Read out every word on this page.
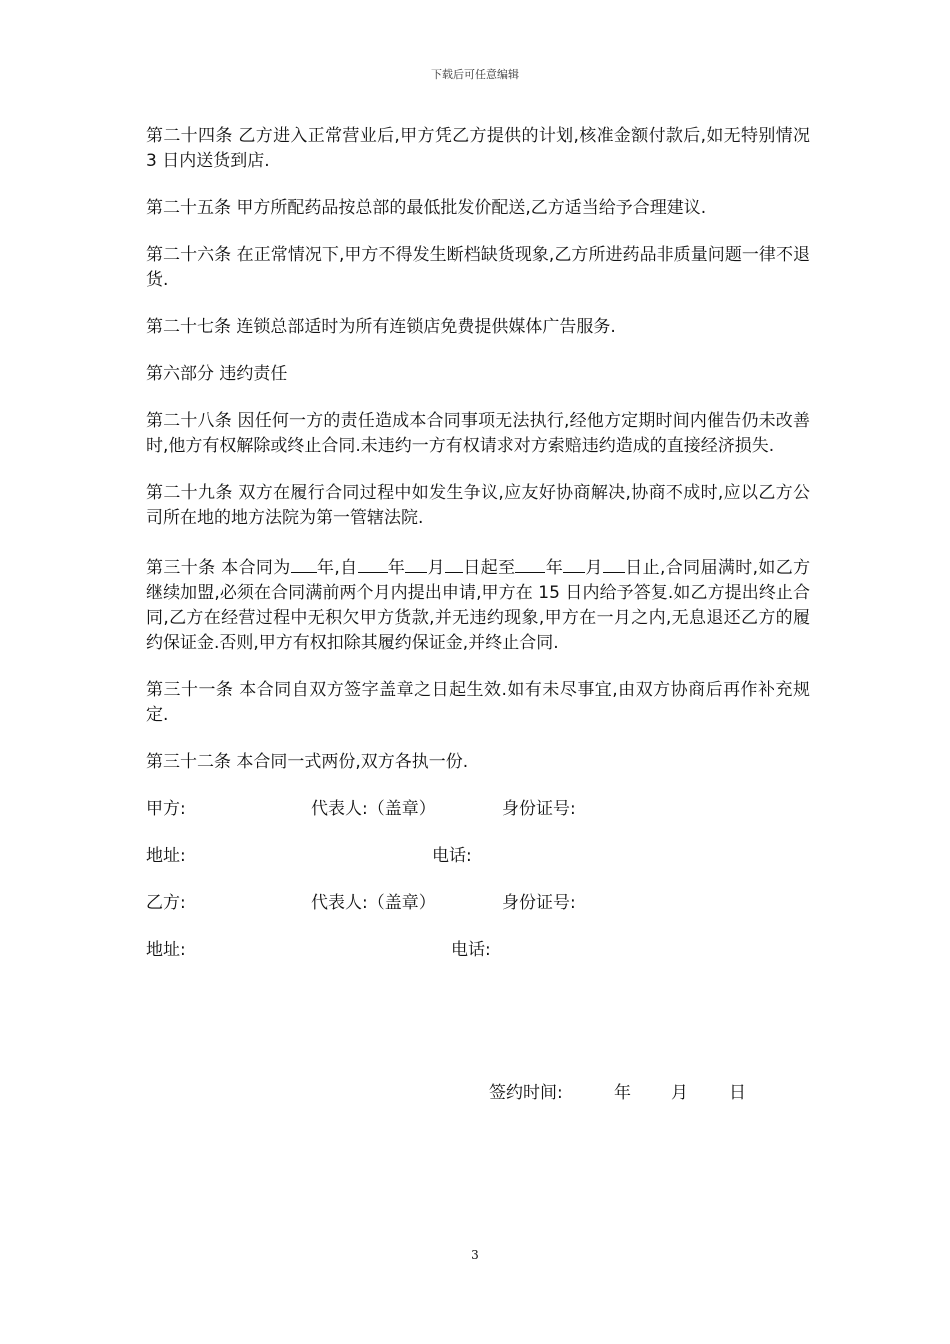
下载后可任意编辑

第二十四条 乙方进入正常营业后,甲方凭乙方提供的计划,核准金额付款后,如无特别情况 3 日内送货到店.

第二十五条 甲方所配药品按总部的最低批发价配送,乙方适当给予合理建议.

第二十六条 在正常情况下,甲方不得发生断档缺货现象,乙方所进药品非质量问题一律不退货.

第二十七条 连锁总部适时为所有连锁店免费提供媒体广告服务.

第六部分 违约责任

第二十八条 因任何一方的责任造成本合同事项无法执行,经他方定期时间内催告仍未改善时,他方有权解除或终止合同.未违约一方有权请求对方索赔违约造成的直接经济损失.

第二十九条 双方在履行合同过程中如发生争议,应友好协商解决,协商不成时,应以乙方公司所在地的地方法院为第一管辖法院.

第三十条 本合同为 年,自 年 月 日起至 年 月 日止,合同届满时,如乙方继续加盟,必须在合同满前两个月内提出申请,甲方在 15 日内给予答复.如乙方提出终止合同,乙方在经营过程中无积欠甲方货款,并无违约现象,甲方在一月之内,无息退还乙方的履约保证金.否则,甲方有权扣除其履约保证金,并终止合同.

第三十一条 本合同自双方签字盖章之日起生效.如有未尽事宜,由双方协商后再作补充规定.

第三十二条 本合同一式两份,双方各执一份.

甲方:	代表人:（盖章）	身份证号:
地址:	电话:
乙方:	代表人:（盖章）	身份证号:
地址:	电话:
签约时间:	年 月 日
3
